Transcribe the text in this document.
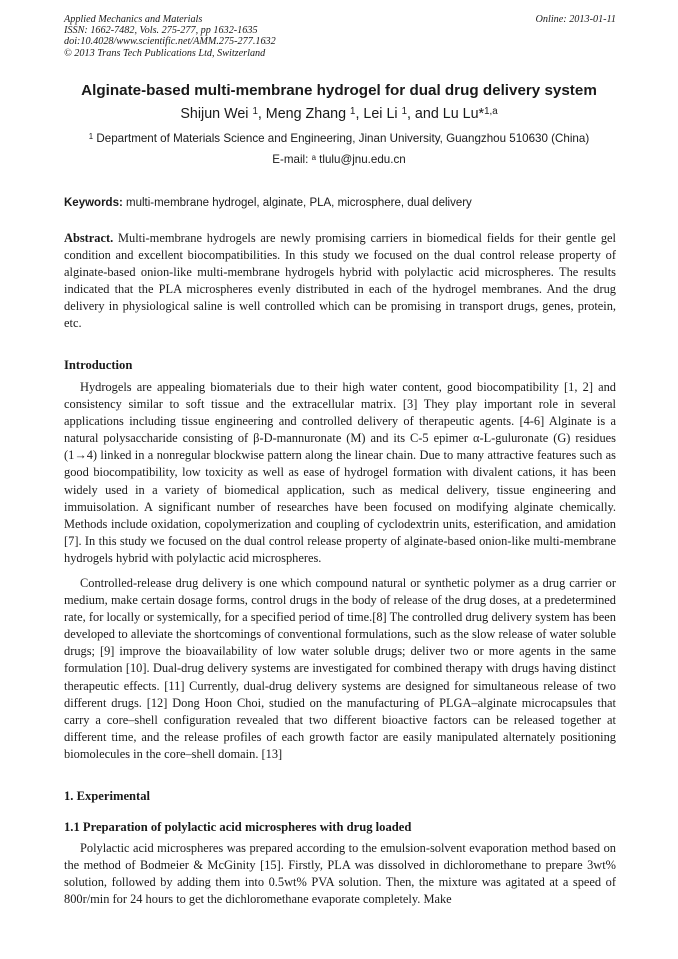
Applied Mechanics and Materials
ISSN: 1662-7482, Vols. 275-277, pp 1632-1635
doi:10.4028/www.scientific.net/AMM.275-277.1632
© 2013 Trans Tech Publications Ltd, Switzerland
Online: 2013-01-11
Alginate-based multi-membrane hydrogel for dual drug delivery system
Shijun Wei $^1$, Meng Zhang $^1$, Lei Li $^1$, and Lu Lu*$^{1,a}$
$^1$ Department of Materials Science and Engineering, Jinan University, Guangzhou 510630 (China)
E-mail: $^a$ tlulu@jnu.edu.cn
Keywords: multi-membrane hydrogel, alginate, PLA, microsphere, dual delivery

Abstract. Multi-membrane hydrogels are newly promising carriers in biomedical fields for their gentle gel condition and excellent biocompatibilities. In this study we focused on the dual control release property of alginate-based onion-like multi-membrane hydrogels hybrid with polylactic acid microspheres. The results indicated that the PLA microspheres evenly distributed in each of the hydrogel membranes. And the drug delivery in physiological saline is well controlled which can be promising in transport drugs, genes, protein, etc.

Introduction

Hydrogels are appealing biomaterials due to their high water content, good biocompatibility [1, 2] and consistency similar to soft tissue and the extracellular matrix. [3] They play important role in several applications including tissue engineering and controlled delivery of therapeutic agents. [4-6] Alginate is a natural polysaccharide consisting of β-D-mannuronate (M) and its C-5 epimer α-L-guluronate (G) residues (1→4) linked in a nonregular blockwise pattern along the linear chain. Due to many attractive features such as good biocompatibility, low toxicity as well as ease of hydrogel formation with divalent cations, it has been widely used in a variety of biomedical application, such as medical delivery, tissue engineering and immuisolation. A significant number of researches have been focused on modifying alginate chemically. Methods include oxidation, copolymerization and coupling of cyclodextrin units, esterification, and amidation [7]. In this study we focused on the dual control release property of alginate-based onion-like multi-membrane hydrogels hybrid with polylactic acid microspheres.

Controlled-release drug delivery is one which compound natural or synthetic polymer as a drug carrier or medium, make certain dosage forms, control drugs in the body of release of the drug doses, at a predetermined rate, for locally or systemically, for a specified period of time.[8] The controlled drug delivery system has been developed to alleviate the shortcomings of conventional formulations, such as the slow release of water soluble drugs; [9] improve the bioavailability of low water soluble drugs; deliver two or more agents in the same formulation [10]. Dual-drug delivery systems are investigated for combined therapy with drugs having distinct therapeutic effects. [11] Currently, dual-drug delivery systems are designed for simultaneous release of two different drugs. [12] Dong Hoon Choi, studied on the manufacturing of PLGA–alginate microcapsules that carry a core–shell configuration revealed that two different bioactive factors can be released together at different time, and the release profiles of each growth factor are easily manipulated alternately positioning biomolecules in the core–shell domain. [13]

1. Experimental
1.1 Preparation of polylactic acid microspheres with drug loaded

Polylactic acid microspheres was prepared according to the emulsion-solvent evaporation method based on the method of Bodmeier & McGinity [15]. Firstly, PLA was dissolved in dichloromethane to prepare 3wt% solution, followed by adding them into 0.5wt% PVA solution. Then, the mixture was agitated at a speed of 800r/min for 24 hours to get the dichloromethane evaporate completely. Make
